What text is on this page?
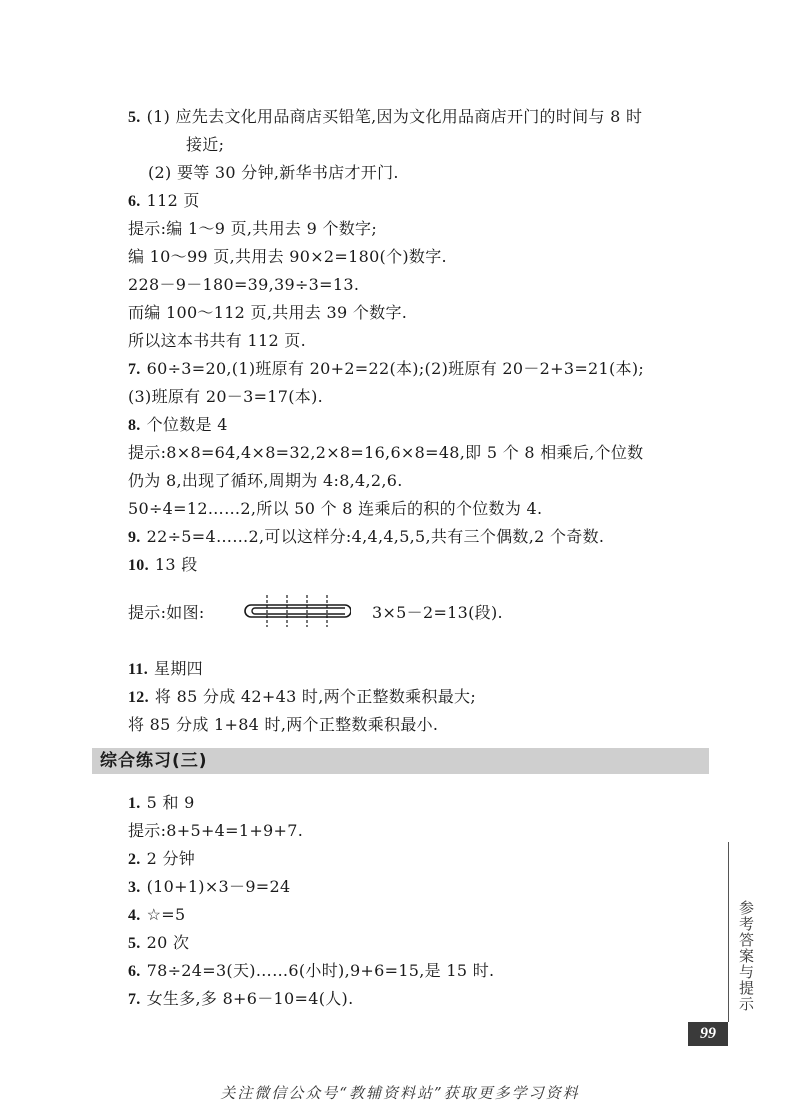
5. (1) 应先去文化用品商店买铅笔,因为文化用品商店开门的时间与 8 时
接近;
(2) 要等 30 分钟,新华书店才开门.
6. 112 页
提示:编 1～9 页,共用去 9 个数字;
编 10～99 页,共用去 90×2=180(个)数字.
228－9－180=39,39÷3=13.
而编 100～112 页,共用去 39 个数字.
所以这本书共有 112 页.
7. 60÷3=20,(1)班原有 20+2=22(本);(2)班原有 20－2+3=21(本);
(3)班原有 20－3=17(本).
8. 个位数是 4
提示:8×8=64,4×8=32,2×8=16,6×8=48,即 5 个 8 相乘后,个位数
仍为 8,出现了循环,周期为 4:8,4,2,6.
50÷4=12……2,所以 50 个 8 连乘后的积的个位数为 4.
9. 22÷5=4……2,可以这样分:4,4,4,5,5,共有三个偶数,2 个奇数.
10. 13 段
提示:如图:	3×5－2=13(段).
11. 星期四
12. 将 85 分成 42+43 时,两个正整数乘积最大;
将 85 分成 1+84 时,两个正整数乘积最小.
综合练习(三)
1. 5 和 9
提示:8+5+4=1+9+7.
2. 2 分钟
3. (10+1)×3－9=24
4. ☆=5
5. 20 次
6. 78÷24=3(天)……6(小时),9+6=15,是 15 时.
7. 女生多,多 8+6－10=4(人).	参考答案与提示
99
关注微信公众号“教辅资料站”获取更多学习资料
